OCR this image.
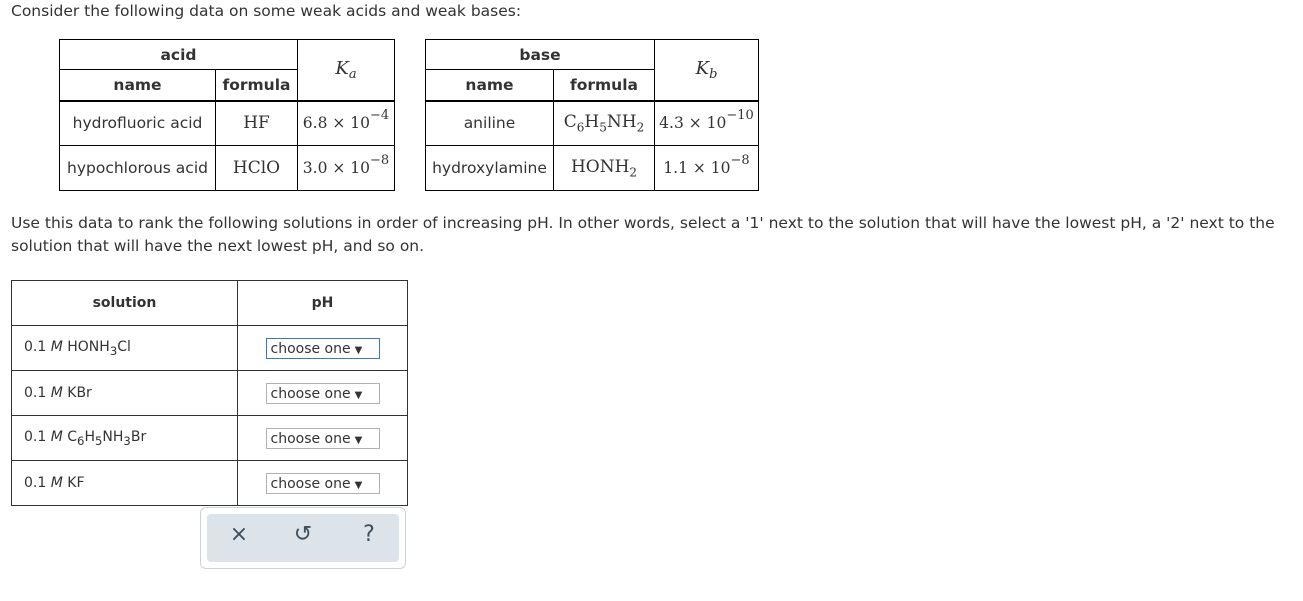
Consider the following data on some weak acids and weak bases:
acid		$K_a$
name	formula	
hydrofluoric acid	HF	$6.8 \times 10^{-4}$
hypochlorous acid	HClO	$3.0 \times 10^{-8}$
base		$K_b$
name	formula	
aniline	$C_6H_5NH_2$	$4.3 \times 10^{-10}$
hydroxylamine	$HONH_2$	$1.1 \times 10^{-8}$
Use this data to rank the following solutions in order of increasing pH. In other words, select a '1' next to the solution that will have the lowest pH, a '2' next to the solution that will have the next lowest pH, and so on.
solution	pH
0.1 M $HONH_3Cl$	choose one ▼
0.1 M KBr	choose one ▼
0.1 M $C_6H_5NH_3Br$	choose one ▼
0.1 M KF	choose one ▼
× ↺	?
